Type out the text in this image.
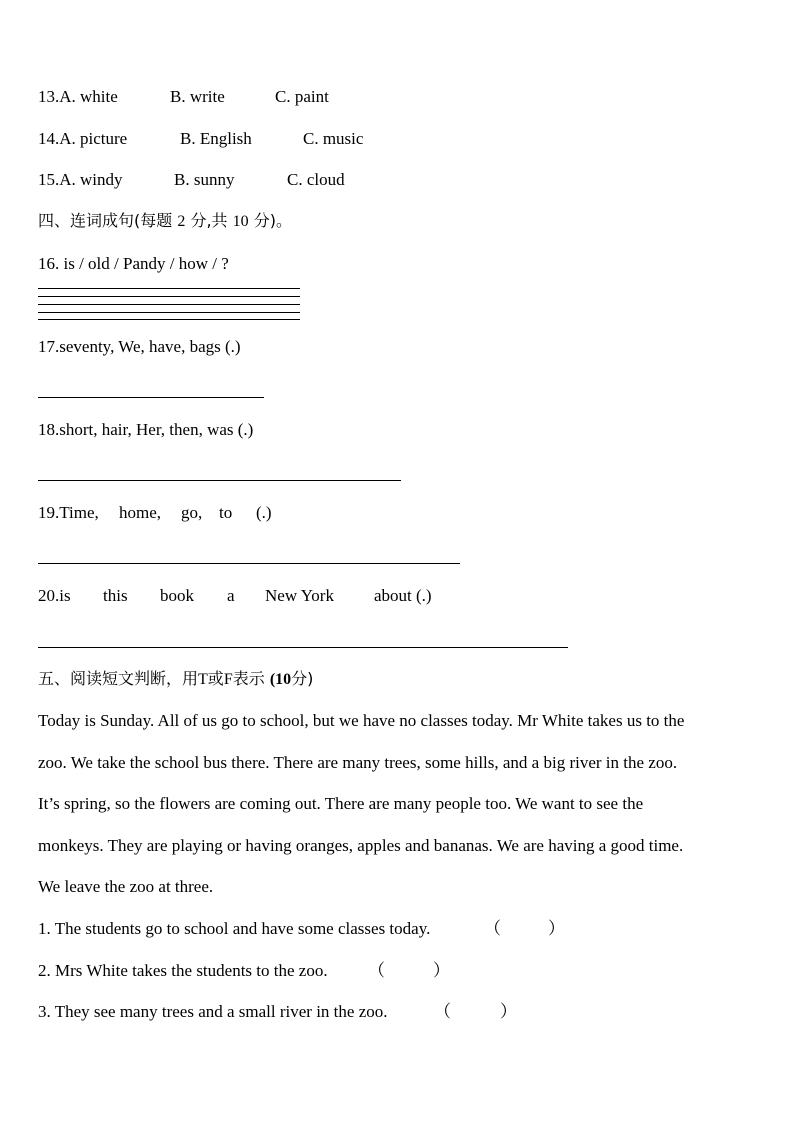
13.A. white	B. write	C. paint
14.A. picture	B. English	C. music
15.A. windy	B. sunny	C. cloud
四、连词成句(每题 2 分,共 10 分)。
16. is / old / Pandy / how / ?
17.seventy, We, have, bags (.)
18.short, hair, Her, then, was (.)
19.Time, home, go, to (.)
20.is this book a New York about (.)
五、阅读短文判断，用T或F表示 (10分)
Today is Sunday. All of us go to school, but we have no classes today. Mr White takes us to the
zoo. We take the school bus there. There are many trees, some hills, and a big river in the zoo.
It’s spring, so the flowers are coming out. There are many people too. We want to see the
monkeys. They are playing or having oranges, apples and bananas. We are having a good time.
We leave the zoo at three.
1. The students go to school and have some classes today.	（	）
2. Mrs White takes the students to the zoo. （	）
3. They see many trees and a small river in the zoo.	（	）
